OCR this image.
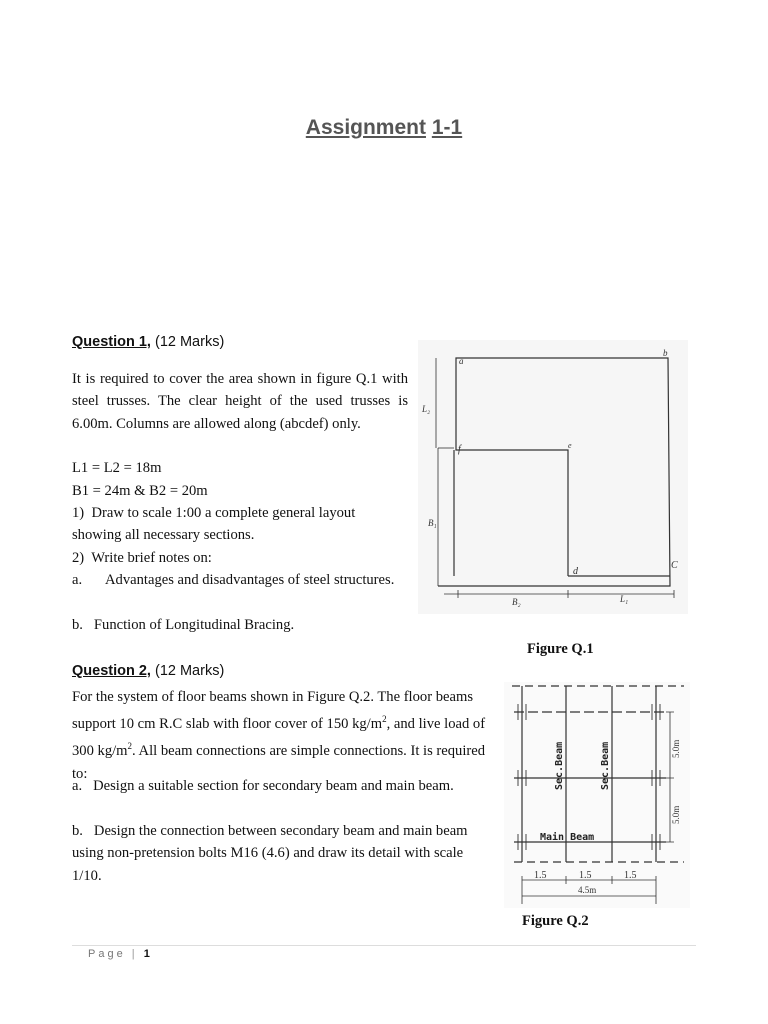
Assignment 1-1
Question 1, (12 Marks)
It is required to cover the area shown in figure Q.1 with steel trusses. The clear height of the used trusses is 6.00m. Columns are allowed along (abcdef) only.
L1 = L2 = 18m
B1 = 24m & B2 = 20m
1) Draw to scale 1:00 a complete general layout showing all necessary sections.
2) Write brief notes on:
a. Advantages and disadvantages of steel structures.
b. Function of Longitudinal Bracing.
a
b
C
d
e
f
L₂
B₁
B₂	L₁
Figure Q.1
Question 2, (12 Marks)
For the system of floor beams shown in Figure Q.2. The floor beams support 10 cm R.C slab with floor cover of 150 $kg/m^2$, and live load of 300 $kg/m^2$. All beam connections are simple connections. It is required to:
a. Design a suitable section for secondary beam and main beam.
b. Design the connection between secondary beam and main beam using non-pretension bolts M16 (4.6) and draw its detail with scale 1/10.
Sec.Beam	Sec.Beam
Main Beam
5.0m
5.0m
1.5	1.5	1.5
4.5m
Figure Q.2
Page | 1
